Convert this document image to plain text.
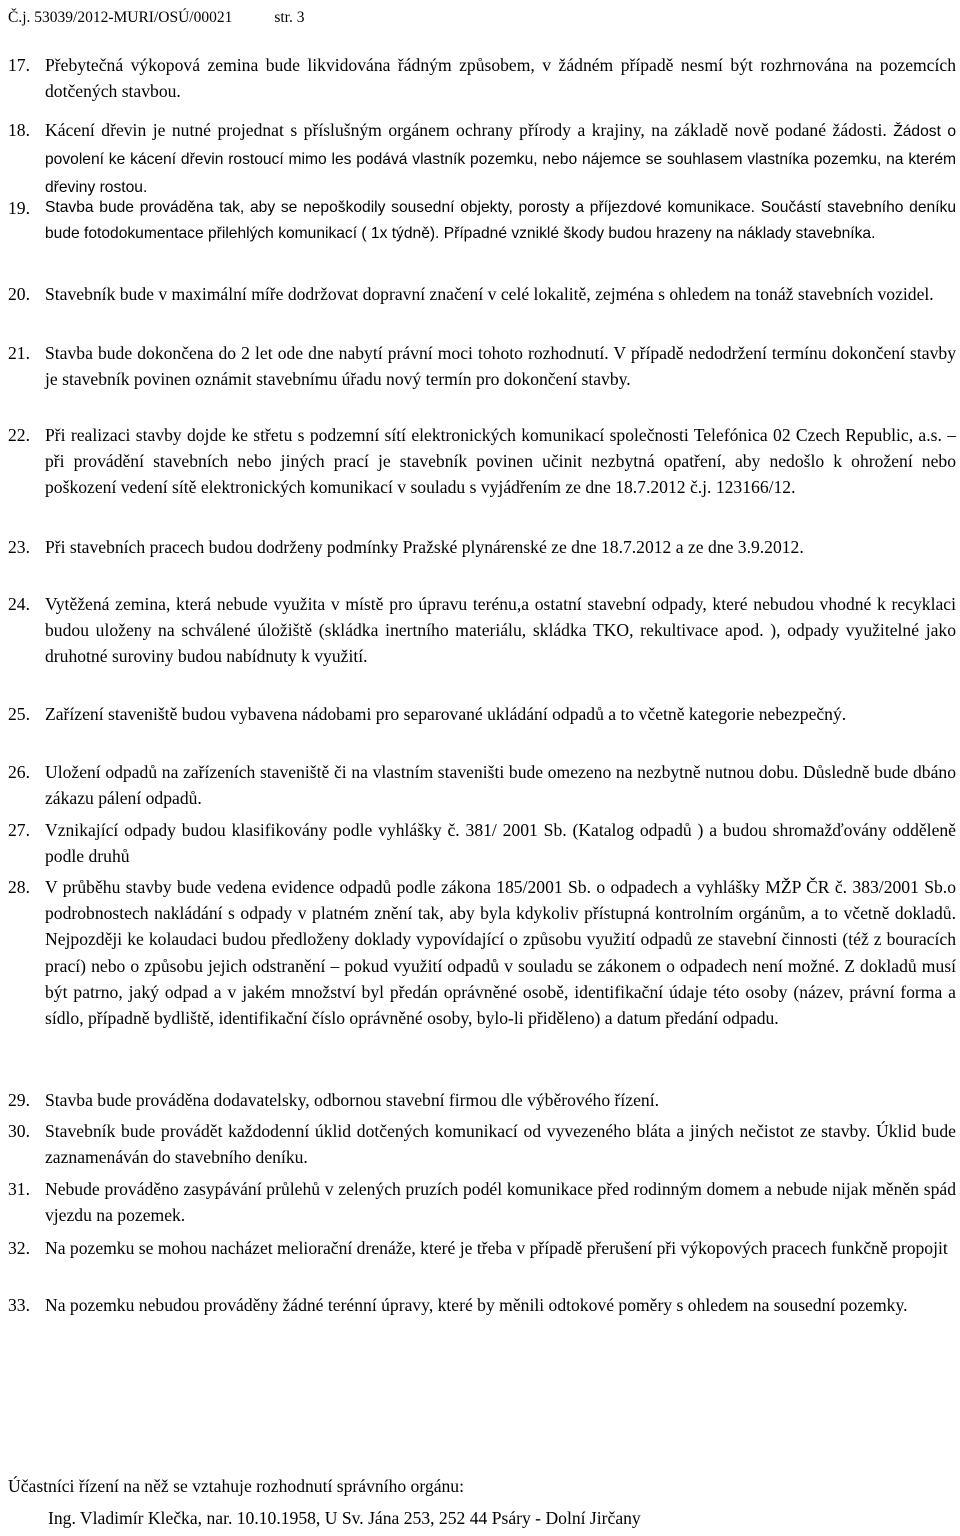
Č.j. 53039/2012-MURI/OSÚ/00021	str. 3
17. Přebytečná výkopová zemina bude likvidována řádným způsobem, v žádném případě nesmí být rozhrnována na pozemcích dotčených stavbou.
18. Kácení dřevin je nutné projednat s příslušným orgánem ochrany přírody a krajiny, na základě nově podané žádosti. Žádost o povolení ke kácení dřevin rostoucí mimo les podává vlastník pozemku, nebo nájemce se souhlasem vlastníka pozemku, na kterém dřeviny rostou.
19. Stavba bude prováděna tak, aby se nepoškodily sousední objekty, porosty a příjezdové komunikace. Součástí stavebního deníku bude fotodokumentace přilehlých komunikací ( 1x týdně). Případné vzniklé škody budou hrazeny na náklady stavebníka.
20. Stavebník bude v maximální míře dodržovat dopravní značení v celé lokalitě, zejména s ohledem na tonáž stavebních vozidel.
21. Stavba bude dokončena do 2 let ode dne nabytí právní moci tohoto rozhodnutí. V případě nedodržení termínu dokončení stavby je stavebník povinen oznámit stavebnímu úřadu nový termín pro dokončení stavby.
22. Při realizaci stavby dojde ke střetu s podzemní sítí elektronických komunikací společnosti Telefónica 02 Czech Republic, a.s. – při provádění stavebních nebo jiných prací je stavebník povinen učinit nezbytná opatření, aby nedošlo k ohrožení nebo poškození vedení sítě elektronických komunikací v souladu s vyjádřením ze dne 18.7.2012 č.j. 123166/12.
23. Při stavebních pracech budou dodrženy podmínky Pražské plynárenské ze dne 18.7.2012 a ze dne 3.9.2012.
24. Vytěžená zemina, která nebude využita v místě pro úpravu terénu,a ostatní stavební odpady, které nebudou vhodné k recyklaci budou uloženy na schválené úložiště (skládka inertního materiálu, skládka TKO, rekultivace apod. ), odpady využitelné jako druhotné suroviny budou nabídnuty k využití.
25. Zařízení staveniště budou vybavena nádobami pro separované ukládání odpadů a to včetně kategorie nebezpečný.
26. Uložení odpadů na zařízeních staveniště či na vlastním staveništi bude omezeno na nezbytně nutnou dobu. Důsledně bude dbáno zákazu pálení odpadů.
27. Vznikající odpady budou klasifikovány podle vyhlášky č. 381/ 2001 Sb. (Katalog odpadů ) a budou shromažďovány odděleně podle druhů
28. V průběhu stavby bude vedena evidence odpadů podle zákona 185/2001 Sb. o odpadech a vyhlášky MŽP ČR č. 383/2001 Sb.o podrobnostech nakládání s odpady v platném znění tak, aby byla kdykoliv přístupná kontrolním orgánům, a to včetně dokladů. Nejpozději ke kolaudaci budou předloženy doklady vypovídající o způsobu využití odpadů ze stavební činnosti (též z bouracích prací) nebo o způsobu jejich odstranění – pokud využití odpadů v souladu se zákonem o odpadech není možné. Z dokladů musí být patrno, jaký odpad a v jakém množství byl předán oprávněné osobě, identifikační údaje této osoby (název, právní forma a sídlo, případně bydliště, identifikační číslo oprávněné osoby, bylo-li přiděleno) a datum předání odpadu.
29. Stavba bude prováděna dodavatelsky, odbornou stavební firmou dle výběrového řízení.
30. Stavebník bude provádět každodenní úklid dotčených komunikací od vyvezeného bláta a jiných nečistot ze stavby. Úklid bude zaznamenáván do stavebního deníku.
31. Nebude prováděno zasypávání průlehů v zelených pruzích podél komunikace před rodinným domem a nebude nijak měněn spád vjezdu na pozemek.
32. Na pozemku se mohou nacházet meliorační drenáže, které je třeba v případě přerušení při výkopových pracech funkčně propojit
33. Na pozemku nebudou prováděny žádné terénní úpravy, které by měnili odtokové poměry s ohledem na sousední pozemky.
Účastníci řízení na něž se vztahuje rozhodnutí správního orgánu:
Ing. Vladimír Klečka, nar. 10.10.1958, U Sv. Jána 253, 252 44 Psáry - Dolní Jirčany
